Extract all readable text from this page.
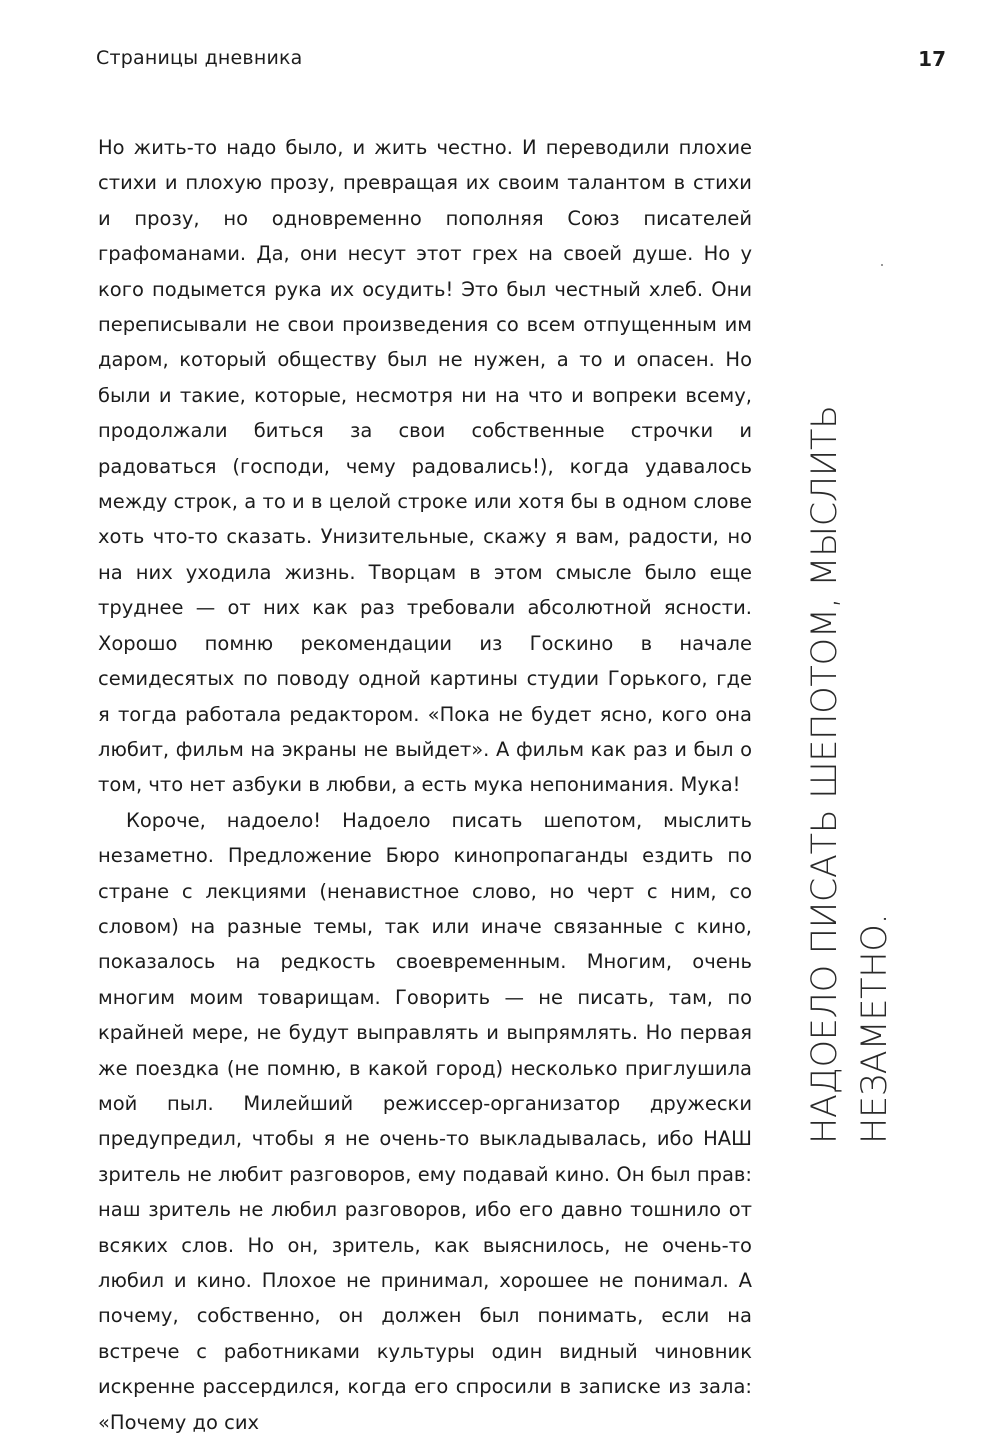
Страницы дневника	17

Но жить-то надо было, и жить честно. И переводили плохие стихи и плохую прозу, превращая их своим талантом в стихи и прозу, но одновременно пополняя Союз писателей графоманами. Да, они несут этот грех на своей душе. Но у кого подымется рука их осудить! Это был честный хлеб. Они переписывали не свои произведения со всем отпущенным им даром, который обществу был не нужен, а то и опасен. Но были и такие, которые, несмотря ни на что и вопреки всему, продолжали биться за свои собственные строчки и радоваться (господи, чему радовались!), когда удавалось между строк, а то и в целой строке или хотя бы в одном слове хоть что-то сказать. Унизительные, скажу я вам, радости, но на них уходила жизнь. Творцам в этом смысле было еще труднее — от них как раз требовали абсолютной ясности. Хорошо помню рекомендации из Госкино в начале семидесятых по поводу одной картины студии Горького, где я тогда работала редактором. «Пока не будет ясно, кого она любит, фильм на экраны не выйдет». А фильм как раз и был о том, что нет азбуки в любви, а есть мука непонимания. Мука!

Короче, надоело! Надоело писать шепотом, мыслить незаметно. Предложение Бюро кинопропаганды ездить по стране с лекциями (ненавистное слово, но черт с ним, со словом) на разные темы, так или иначе связанные с кино, показалось на редкость своевременным. Многим, очень многим моим товарищам. Говорить — не писать, там, по крайней мере, не будут выправлять и выпрямлять. Но первая же поездка (не помню, в какой город) несколько приглушила мой пыл. Милейший режиссер-организатор дружески предупредил, чтобы я не очень-то выкладывалась, ибо НАШ зритель не любит разговоров, ему подавай кино. Он был прав: наш зритель не любил разговоров, ибо его давно тошнило от всяких слов. Но он, зритель, как выяснилось, не очень-то любил и кино. Плохое не принимал, хорошее не понимал. А почему, собственно, он должен был понимать, если на встрече с работниками культуры один видный чиновник искренне рассердился, когда его спросили в записке из зала: «Почему до сих

НАДОЕЛО ПИСАТЬ ШЕПОТОМ, МЫСЛИТЬ НЕЗАМЕТНО.
